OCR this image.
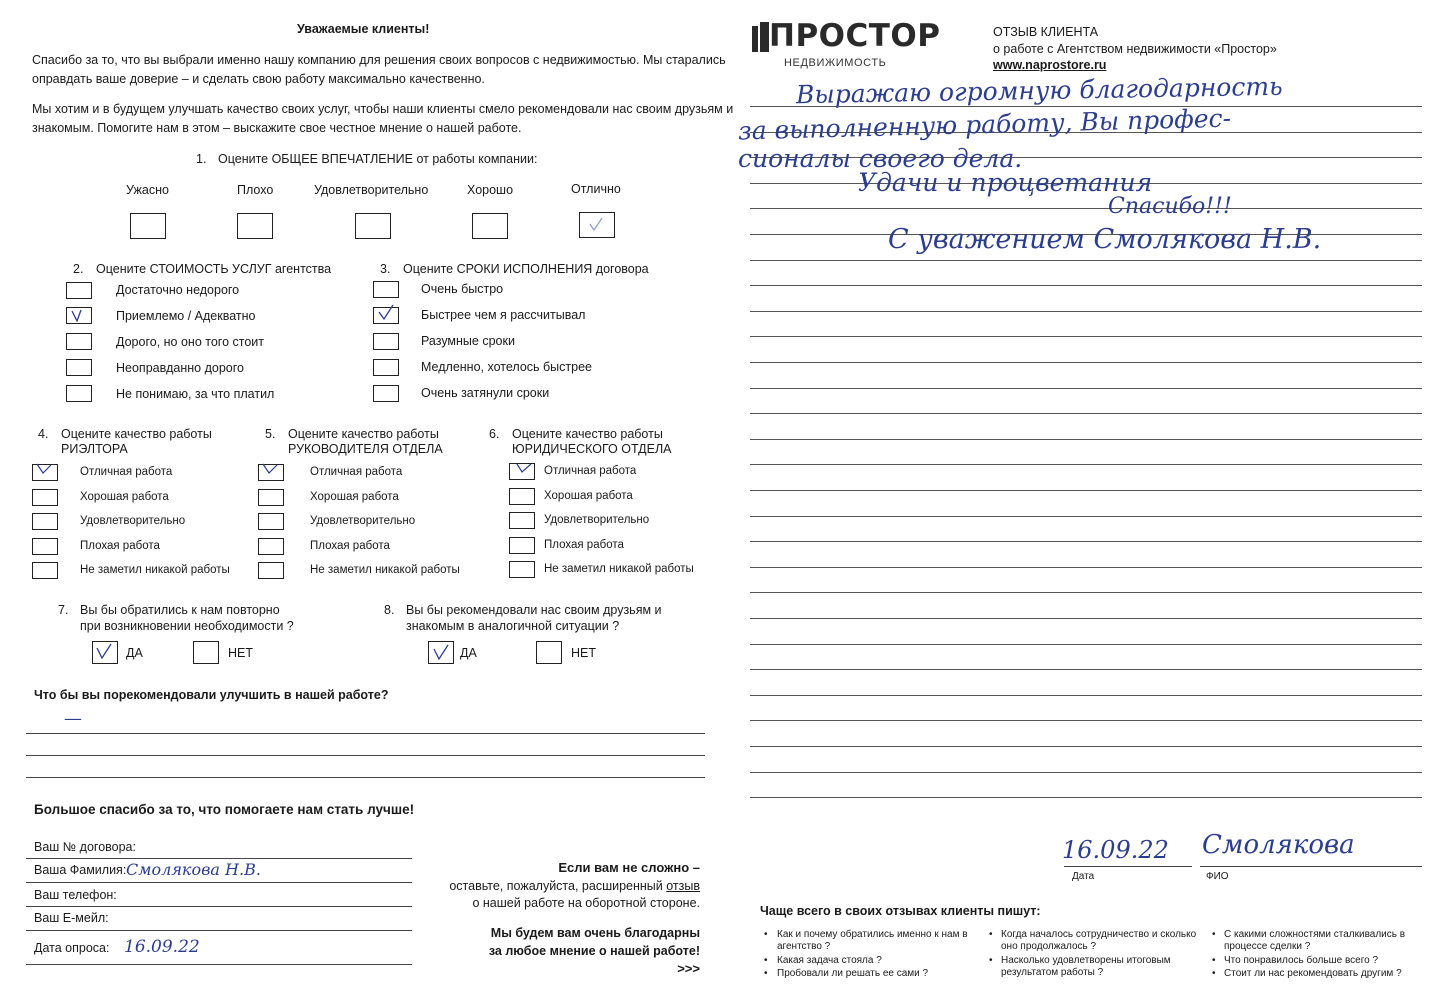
Уважаемые клиенты!
Спасибо за то, что вы выбрали именно нашу компанию для решения своих вопросов с недвижимостью. Мы старались
оправдать ваше доверие – и сделать свою работу максимально качественно.
Мы хотим и в будущем улучшать качество своих услуг, чтобы наши клиенты смело рекомендовали нас своим друзьям и
знакомым. Помогите нам в этом – выскажите свое честное мнение о нашей работе.
1. Оцените ОБЩЕЕ ВПЕЧАТЛЕНИЕ от работы компании:
Ужасно	Плохо	Удовлетворительно	Хорошо	Отлично
2. Оцените СТОИМОСТЬ УСЛУГ агентства
Достаточно недорого
Приемлемо / Адекватно
Дорого, но оно того стоит
Неоправданно дорого
Не понимаю, за что платил
3. Оцените СРОКИ ИСПОЛНЕНИЯ договора
Очень быстро
Быстрее чем я рассчитывал
Разумные сроки
Медленно, хотелось быстрее
Очень затянули сроки
4. Оцените качество работы
РИЭЛТОРА
Отличная работа
Хорошая работа
Удовлетворительно
Плохая работа
Не заметил никакой работы
5. Оцените качество работы
РУКОВОДИТЕЛЯ ОТДЕЛА
Отличная работа
Хорошая работа
Удовлетворительно
Плохая работа
Не заметил никакой работы
6. Оцените качество работы
ЮРИДИЧЕСКОГО ОТДЕЛА
Отличная работа
Хорошая работа
Удовлетворительно
Плохая работа
Не заметил никакой работы
7. Вы бы обратились к нам повторно
при возникновении необходимости ?
ДА	НЕТ
8. Вы бы рекомендовали нас своим друзьям и
знакомым в аналогичной ситуации ?
ДА	НЕТ
Что бы вы порекомендовали улучшить в нашей работе?
—
Большое спасибо за то, что помогаете нам стать лучше!
Ваш № договора:
Ваша Фамилия: Смолякова Н.В.
Ваш телефон:
Ваш Е-мейл:
Дата опроса: 16.09.22
Если вам не сложно –
оставьте, пожалуйста, расширенный отзыв
о нашей работе на оборотной стороне.
Мы будем вам очень благодарны
за любое мнение о нашей работе!
>>>
ПРОСТОР
НЕДВИЖИМОСТЬ
ОТЗЫВ КЛИЕНТА
о работе с Агентством недвижимости «Простор»
www.naprostore.ru
Выражаю огромную благодарность
за выполненную работу, Вы профес-
сионалы своего дела.
Удачи и процветания
Спасибо!!!
С уважением Смолякова Н.В.
16.09.22 Смолякова
Дата	ФИО
Чаще всего в своих отзывах клиенты пишут:
• Как и почему обратились именно к нам в
агентство ?
• Какая задача стояла ?
• Пробовали ли решать ее сами ?
• Когда началось сотрудничество и сколько
оно продолжалось ?
• Насколько удовлетворены итоговым
результатом работы ?
• С какими сложностями сталкивались в
процессе сделки ?
• Что понравилось больше всего ?
• Стоит ли нас рекомендовать другим ?
